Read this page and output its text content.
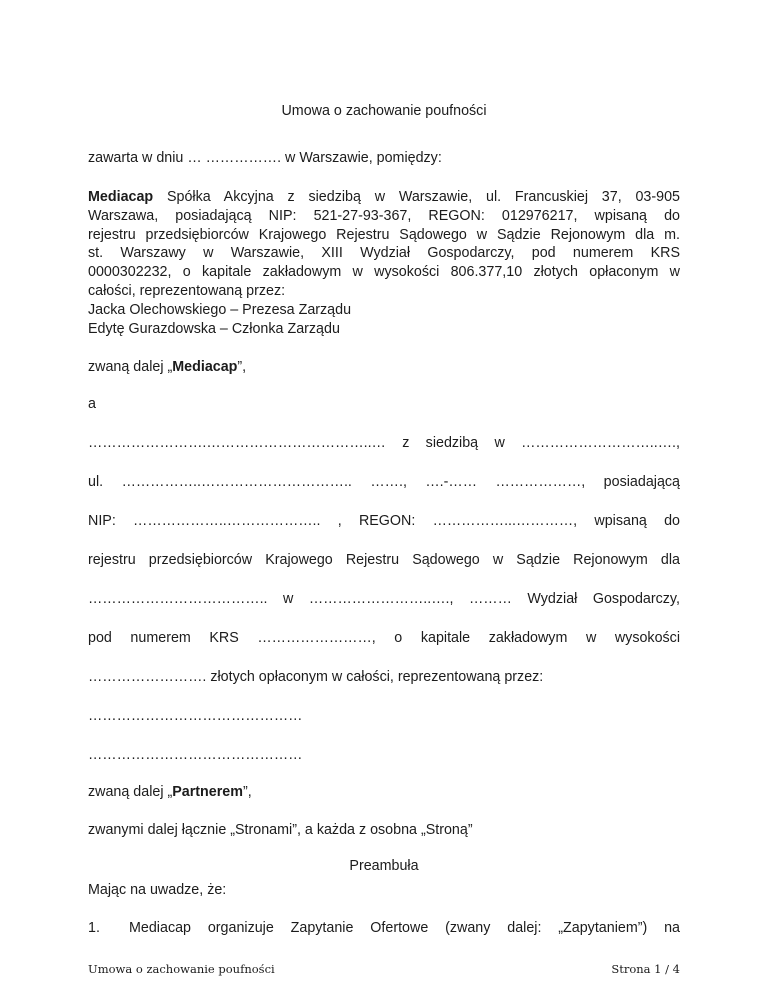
Umowa o zachowanie poufności
zawarta w dniu … ……………. w Warszawie, pomiędzy:

Mediacap Spółka Akcyjna z siedzibą w Warszawie, ul. Francuskiej 37, 03-905

Warszawa, posiadającą NIP: 521-27-93-367, REGON: 012976217, wpisaną do

rejestru przedsiębiorców Krajowego Rejestru Sądowego w Sądzie Rejonowym dla m.

st. Warszawy w Warszawie, XIII Wydział Gospodarczy, pod numerem KRS

0000302232, o kapitale zakładowym w wysokości 806.377,10 złotych opłaconym w

całości, reprezentowaną przez:

Jacka Olechowskiego – Prezesa Zarządu

Edytę Gurazdowska – Członka Zarządu

zwaną dalej „Mediacap”,
a
…………………….……………………………..… z siedzibą w ………………………..….,
ul. ……………..………………………….. ……., ….-…… ………………, posiadającą
NIP: ………………..……………….. , REGON: ……………...…………, wpisaną do
rejestru przedsiębiorców Krajowego Rejestru Sądowego w Sądzie Rejonowym dla
……………………………….. w ……………………..…., ……… Wydział Gospodarczy,
pod numerem KRS ……………………, o kapitale zakładowym w wysokości
……………………. złotych opłaconym w całości, reprezentowaną przez:
………………………………………
………………………………………
zwaną dalej „Partnerem”,
zwanymi dalej łącznie „Stronami”, a każda z osobna „Stroną”
Preambuła
Mając na uwadze, że:
1. Mediacap organizuje Zapytanie Ofertowe (zwany dalej: „Zapytaniem”) na

Umowa o zachowanie poufności	Strona 1 / 4
